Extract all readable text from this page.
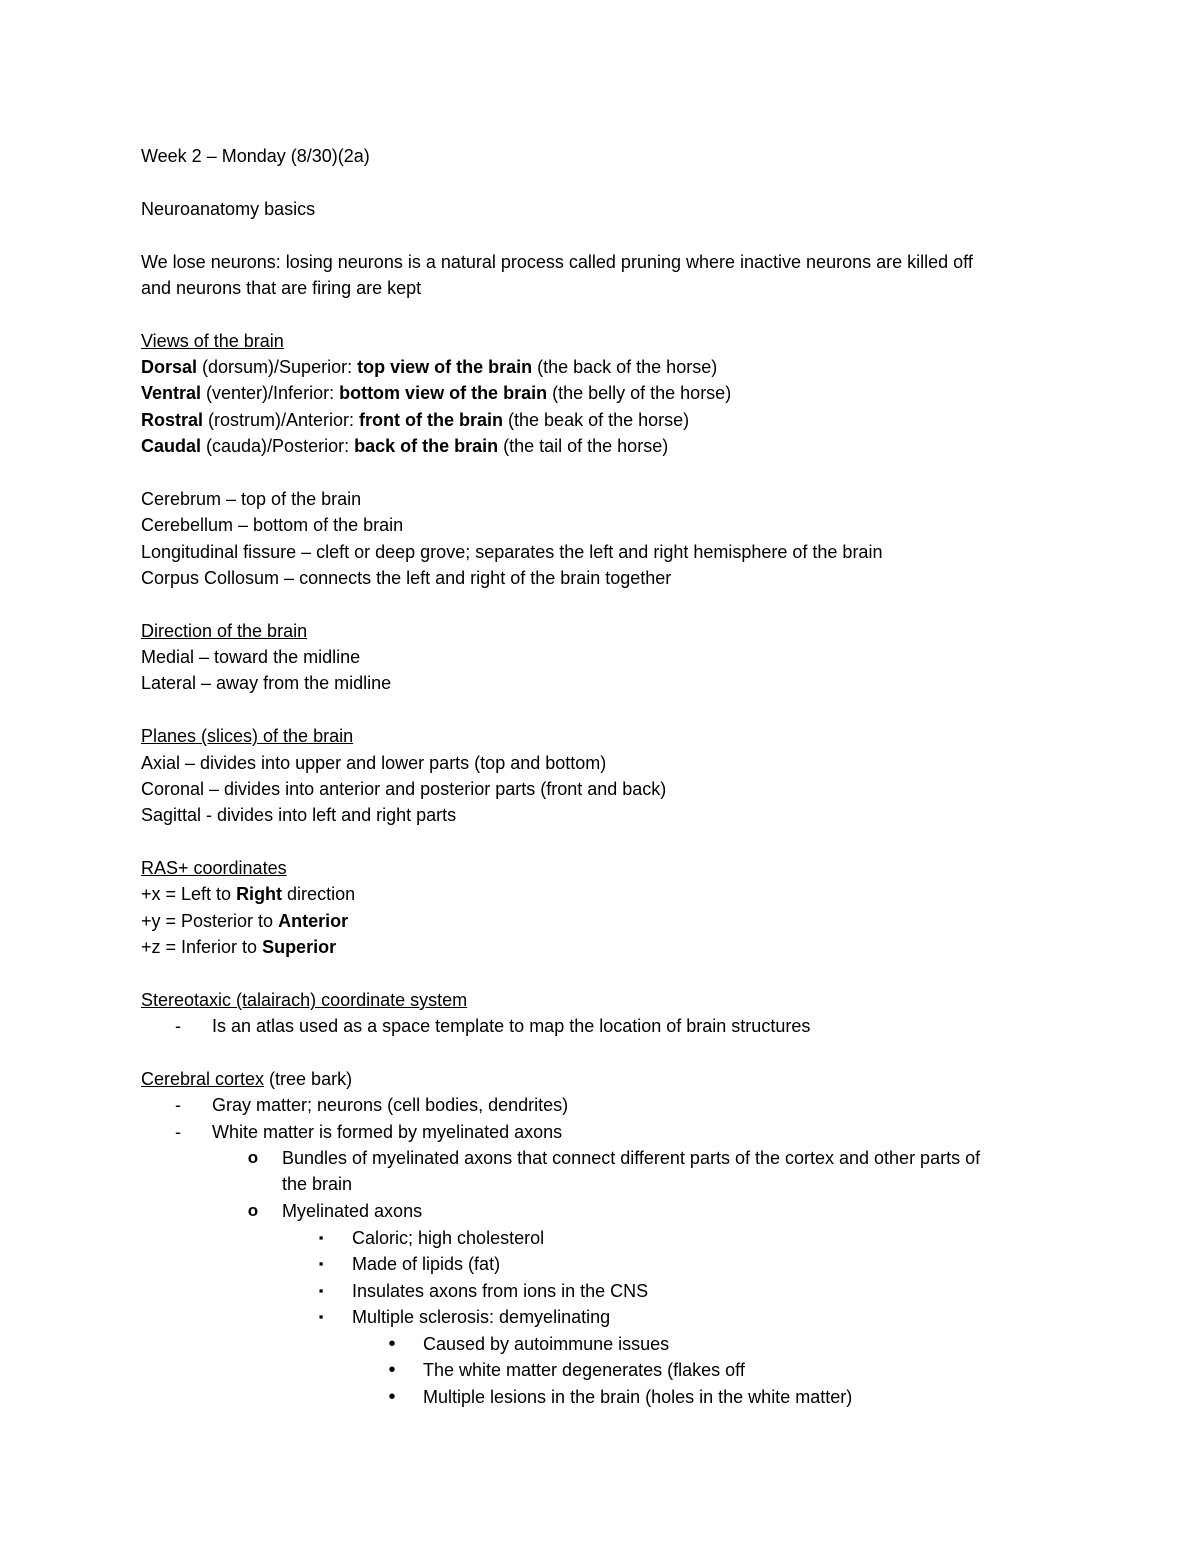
Week 2 – Monday (8/30)(2a)
Neuroanatomy basics
We lose neurons: losing neurons is a natural process called pruning where inactive neurons are killed off
and neurons that are firing are kept
Views of the brain
Dorsal (dorsum)/Superior: top view of the brain (the back of the horse)
Ventral (venter)/Inferior: bottom view of the brain (the belly of the horse)
Rostral (rostrum)/Anterior: front of the brain (the beak of the horse)
Caudal (cauda)/Posterior: back of the brain (the tail of the horse)
Cerebrum – top of the brain
Cerebellum – bottom of the brain
Longitudinal fissure – cleft or deep grove; separates the left and right hemisphere of the brain
Corpus Collosum – connects the left and right of the brain together
Direction of the brain
Medial – toward the midline
Lateral – away from the midline
Planes (slices) of the brain
Axial – divides into upper and lower parts (top and bottom)
Coronal – divides into anterior and posterior parts (front and back)
Sagittal - divides into left and right parts
RAS+ coordinates
+x = Left to Right direction
+y = Posterior to Anterior
+z = Inferior to Superior
Stereotaxic (talairach) coordinate system
- Is an atlas used as a space template to map the location of brain structures
Cerebral cortex (tree bark)
- Gray matter; neurons (cell bodies, dendrites)
- White matter is formed by myelinated axons
o Bundles of myelinated axons that connect different parts of the cortex and other parts of
the brain
o Myelinated axons
▪	Caloric; high cholesterol
▪	Made of lipids (fat)
▪	Insulates axons from ions in the CNS
▪	Multiple sclerosis: demyelinating
• Caused by autoimmune issues
• The white matter degenerates (flakes off
• Multiple lesions in the brain (holes in the white matter)
